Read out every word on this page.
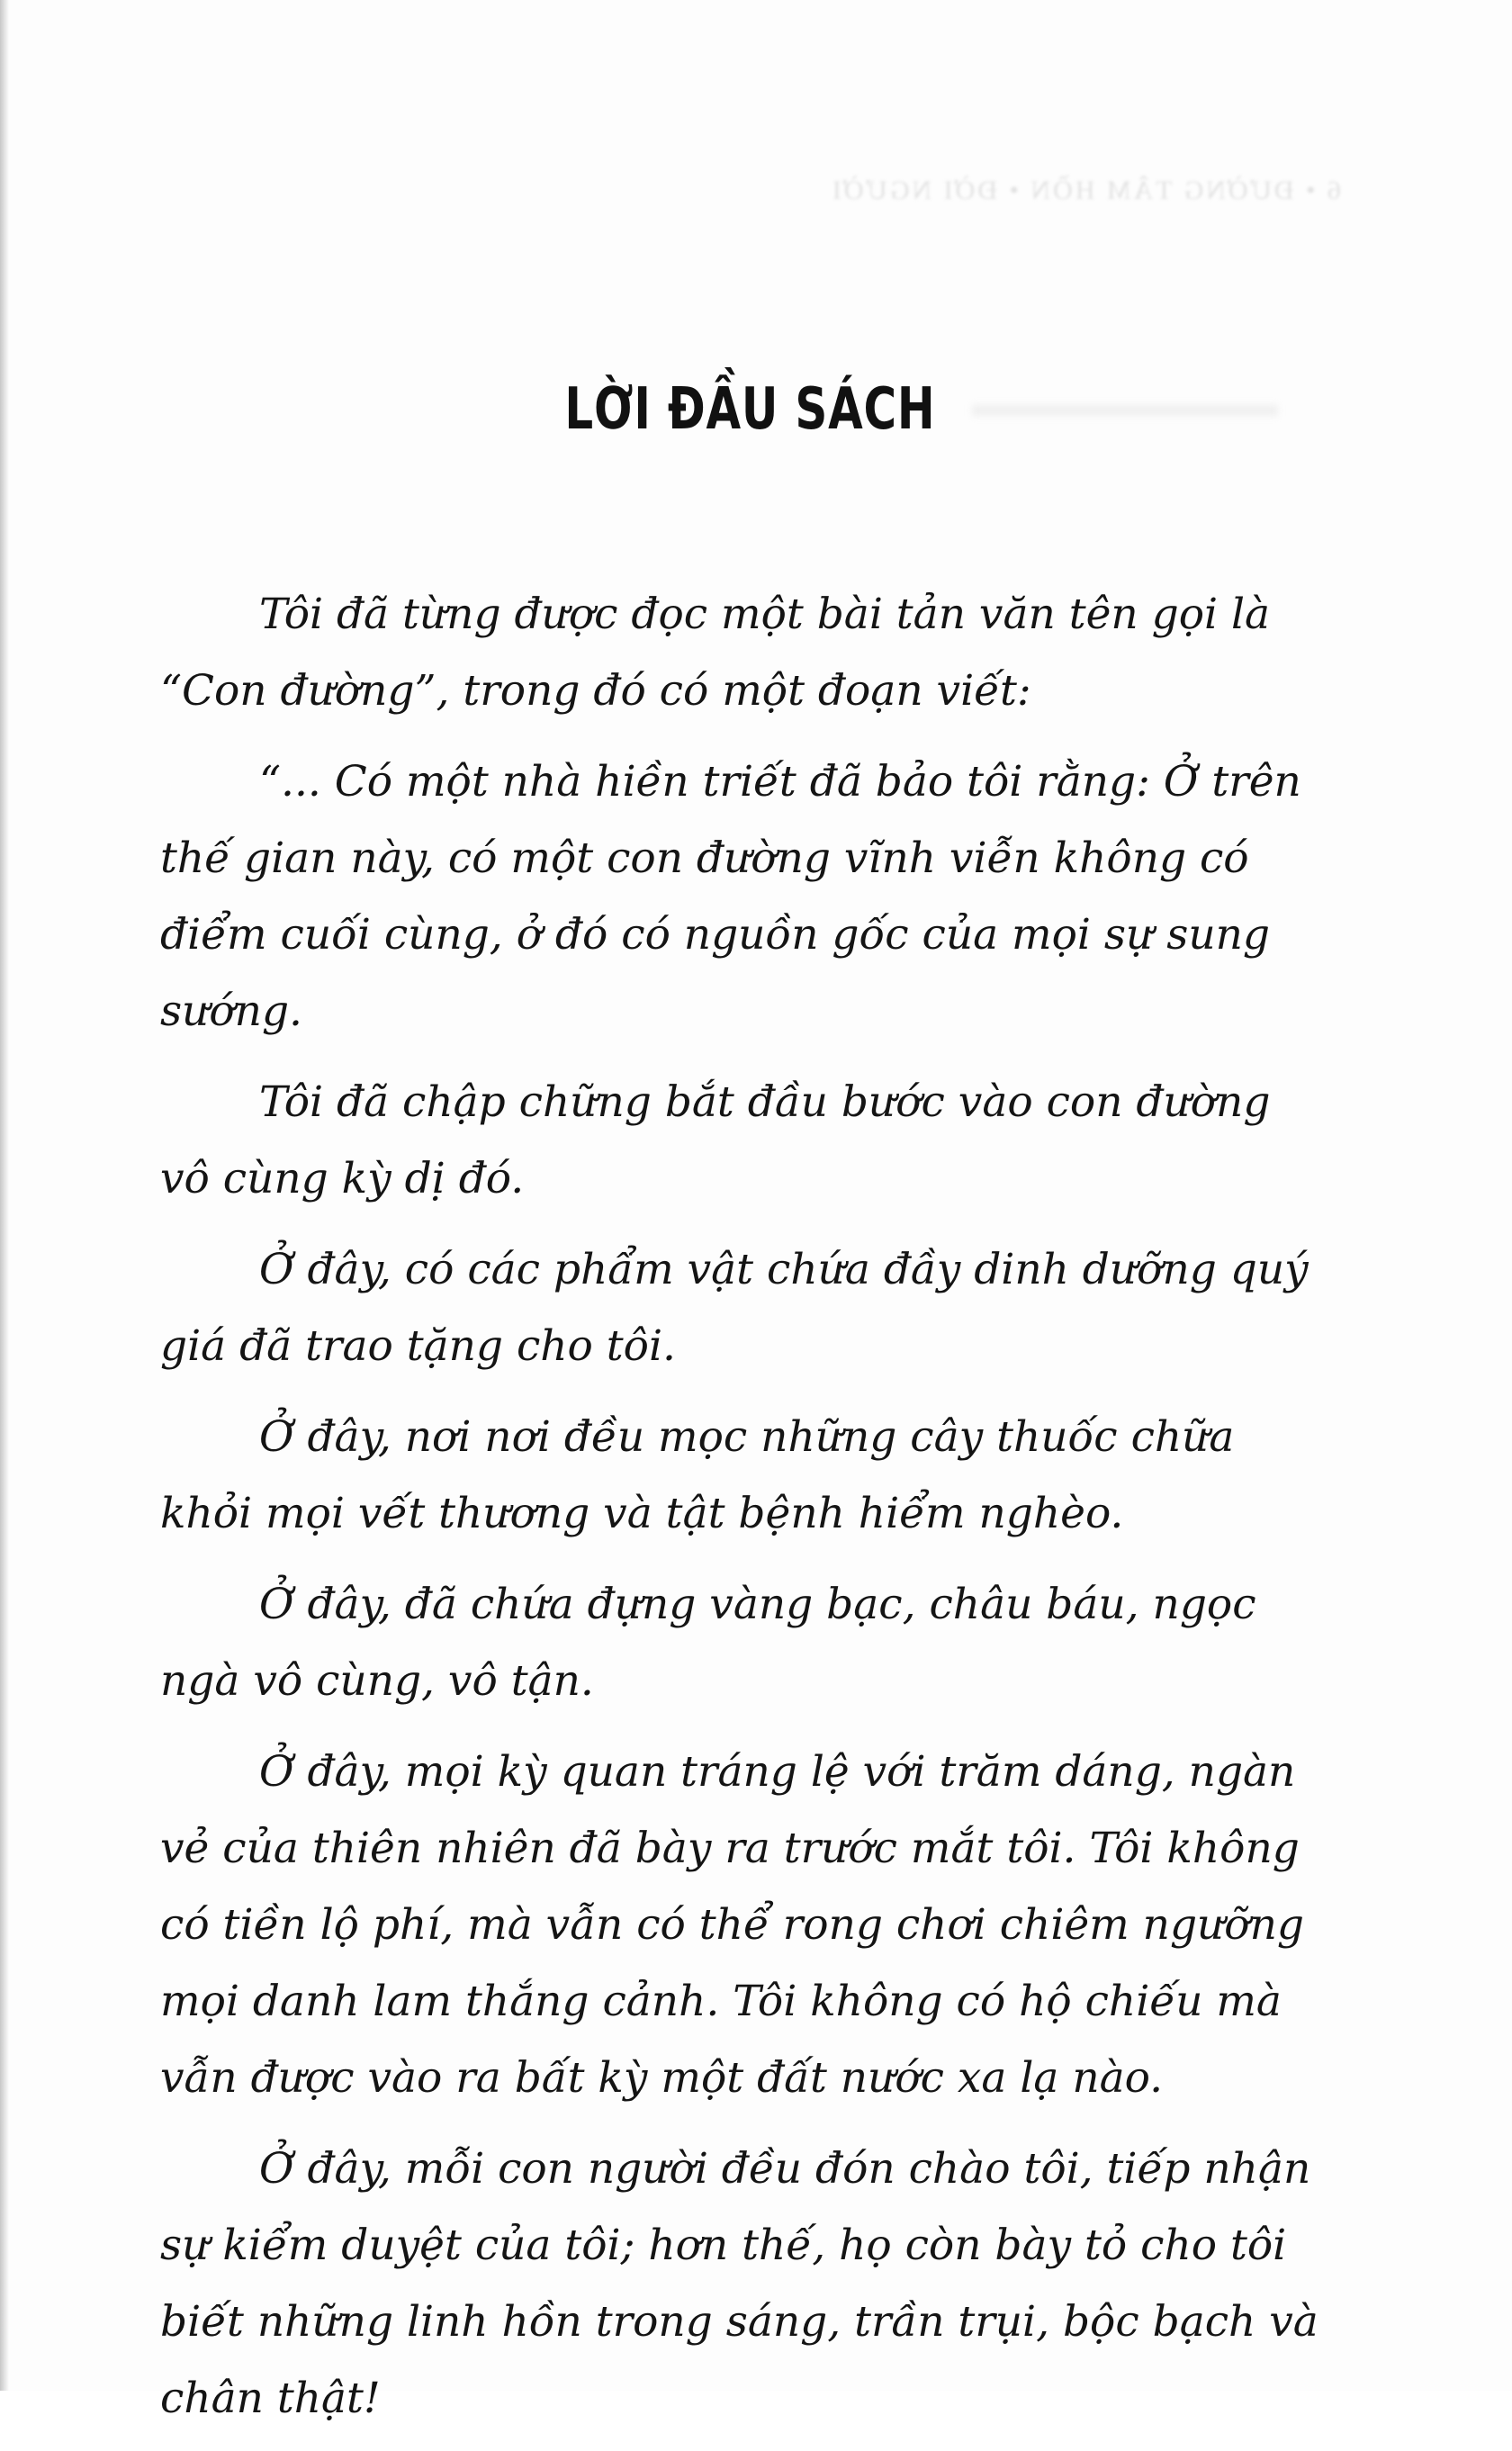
6 • ĐƯỜNG TÂM HỒN • ĐỜI NGƯỜI
LỜI ĐẦU SÁCH

Tôi đã từng được đọc một bài tản văn tên gọi là “Con đường”, trong đó có một đoạn viết:

“... Có một nhà hiền triết đã bảo tôi rằng: Ở trên thế gian này, có một con đường vĩnh viễn không có điểm cuối cùng, ở đó có nguồn gốc của mọi sự sung sướng.

Tôi đã chập chững bắt đầu bước vào con đường vô cùng kỳ dị đó.

Ở đây, có các phẩm vật chứa đầy dinh dưỡng quý giá đã trao tặng cho tôi.

Ở đây, nơi nơi đều mọc những cây thuốc chữa khỏi mọi vết thương và tật bệnh hiểm nghèo.

Ở đây, đã chứa đựng vàng bạc, châu báu, ngọc ngà vô cùng, vô tận.

Ở đây, mọi kỳ quan tráng lệ với trăm dáng, ngàn vẻ của thiên nhiên đã bày ra trước mắt tôi. Tôi không có tiền lộ phí, mà vẫn có thể rong chơi chiêm ngưỡng mọi danh lam thắng cảnh. Tôi không có hộ chiếu mà vẫn được vào ra bất kỳ một đất nước xa lạ nào.

Ở đây, mỗi con người đều đón chào tôi, tiếp nhận sự kiểm duyệt của tôi; hơn thế, họ còn bày tỏ cho tôi biết những linh hồn trong sáng, trần trụi, bộc bạch và chân thật!
